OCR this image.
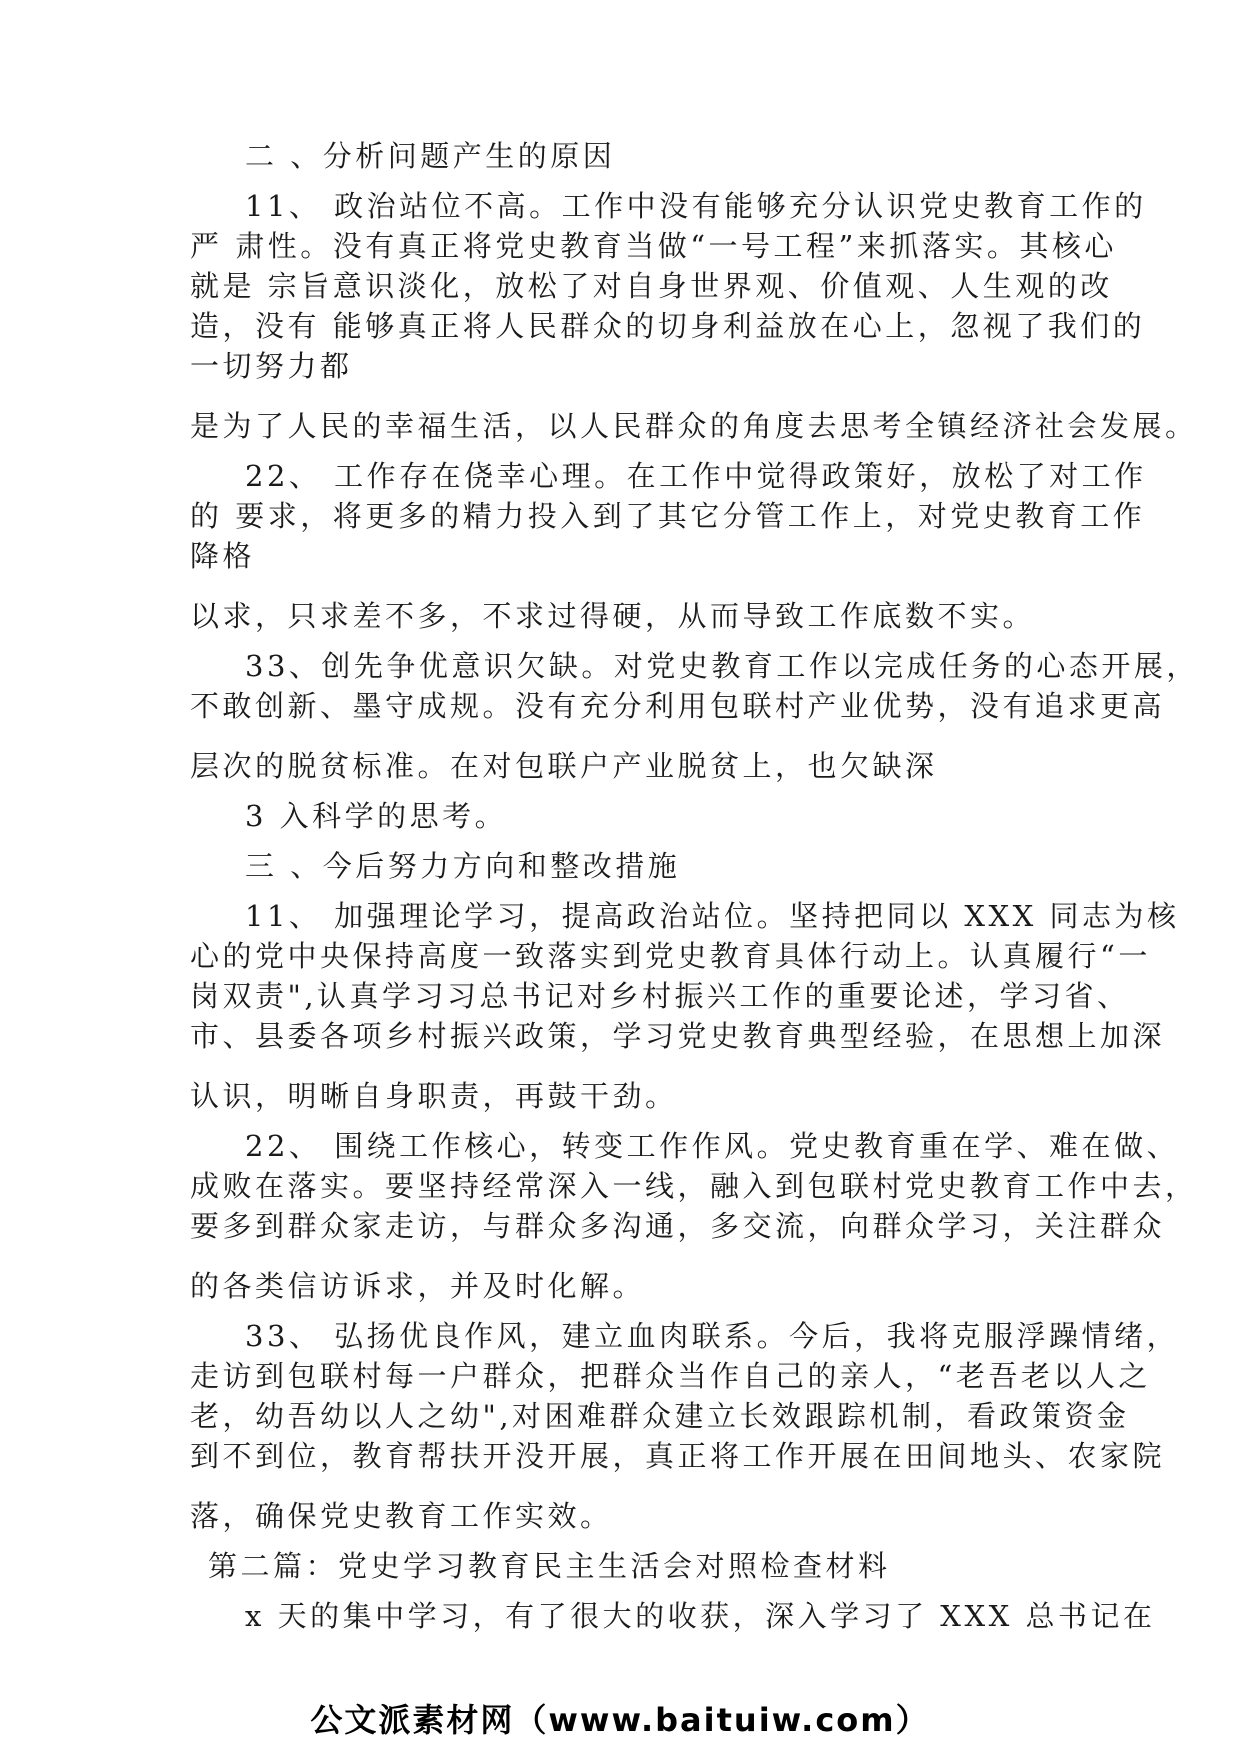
二 、分析问题产生的原因
11、 政治站位不高。工作中没有能够充分认识党史教育工作的
严 肃性。没有真正将党史教育当做“一号工程”来抓落实。其核心
就是 宗旨意识淡化，放松了对自身世界观、价值观、人生观的改
造，没有 能够真正将人民群众的切身利益放在心上，忽视了我们的
一切努力都
是为了人民的幸福生活，以人民群众的角度去思考全镇经济社会发展。
22、 工作存在侥幸心理。在工作中觉得政策好，放松了对工作
的 要求，将更多的精力投入到了其它分管工作上，对党史教育工作
降格
以求，只求差不多，不求过得硬，从而导致工作底数不实。
33、创先争优意识欠缺。对党史教育工作以完成任务的心态开展，
不敢创新、墨守成规。没有充分利用包联村产业优势，没有追求更高
层次的脱贫标准。在对包联户产业脱贫上，也欠缺深
3 入科学的思考。
三 、今后努力方向和整改措施
11、 加强理论学习，提高政治站位。坚持把同以 XXX 同志为核
心的党中央保持高度一致落实到党史教育具体行动上。认真履行“一
岗双责",认真学习习总书记对乡村振兴工作的重要论述，学习省、
市、县委各项乡村振兴政策，学习党史教育典型经验，在思想上加深
认识，明晰自身职责，再鼓干劲。
22、 围绕工作核心，转变工作作风。党史教育重在学、难在做、
成败在落实。要坚持经常深入一线，融入到包联村党史教育工作中去，
要多到群众家走访，与群众多沟通，多交流，向群众学习，关注群众
的各类信访诉求，并及时化解。
33、 弘扬优良作风，建立血肉联系。今后，我将克服浮躁情绪，
走访到包联村每一户群众，把群众当作自己的亲人，“老吾老以人之
老，幼吾幼以人之幼",对困难群众建立长效跟踪机制，看政策资金
到不到位，教育帮扶开没开展，真正将工作开展在田间地头、农家院
落，确保党史教育工作实效。
第二篇：党史学习教育民主生活会对照检查材料
x 天的集中学习，有了很大的收获，深入学习了 XXX 总书记在
公文派素材网（www.baituiw.com）
